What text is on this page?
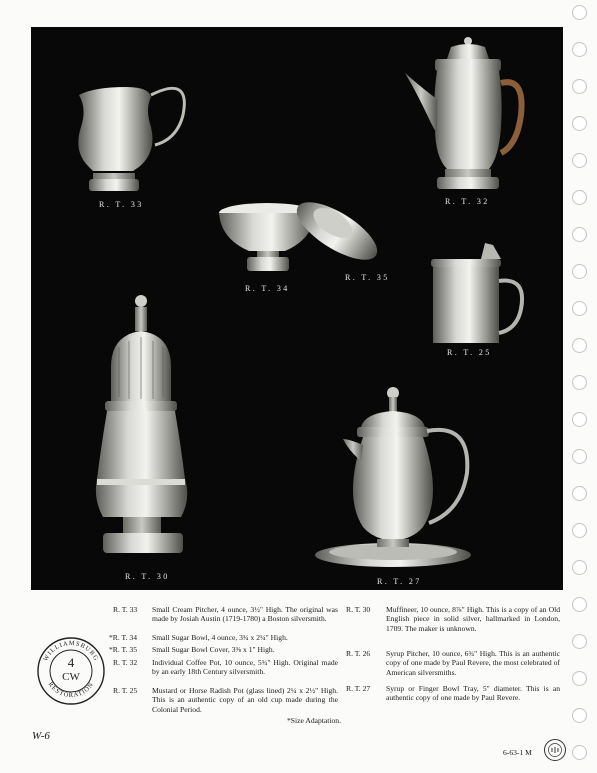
R. T. 33	R. T. 32
R. T. 34
R. T. 35
R. T. 25
R. T. 30
R. T. 27
WILLIAMSBURG
RESTORATION
4
CW
R. T. 33 Small Cream Pitcher, 4 ounce, 3½" High. The original was made by Josiah Austin (1719-1780) a Boston silversmith.
*R. T. 34 Small Sugar Bowl, 4 ounce, 3¾ x 2¼" High.
*R. T. 35 Small Sugar Bowl Cover, 3⅜ x 1" High.
R. T. 32 Individual Coffee Pot, 10 ounce, 5¾" High. Original made by an early 18th Century silversmith.
R. T. 25 Mustard or Horse Radish Pot (glass lined) 2¼ x 2½" High. This is an authentic copy of an old cup made during the Colonial Period.
R. T. 30 Muffineer, 10 ounce, 8⅞" High. This is a copy of an Old English piece in solid silver, hallmarked in London, 1709. The maker is unknown.
R. T. 26 Syrup Pitcher, 10 ounce, 6¾" High. This is an authentic copy of one made by Paul Revere, the most celebrated of American silversmiths.
R. T. 27 Syrup or Finger Bowl Tray, 5" diameter. This is an authentic copy of one made by Paul Revere.
*Size Adaptation.
W-6
6-63-1 M
